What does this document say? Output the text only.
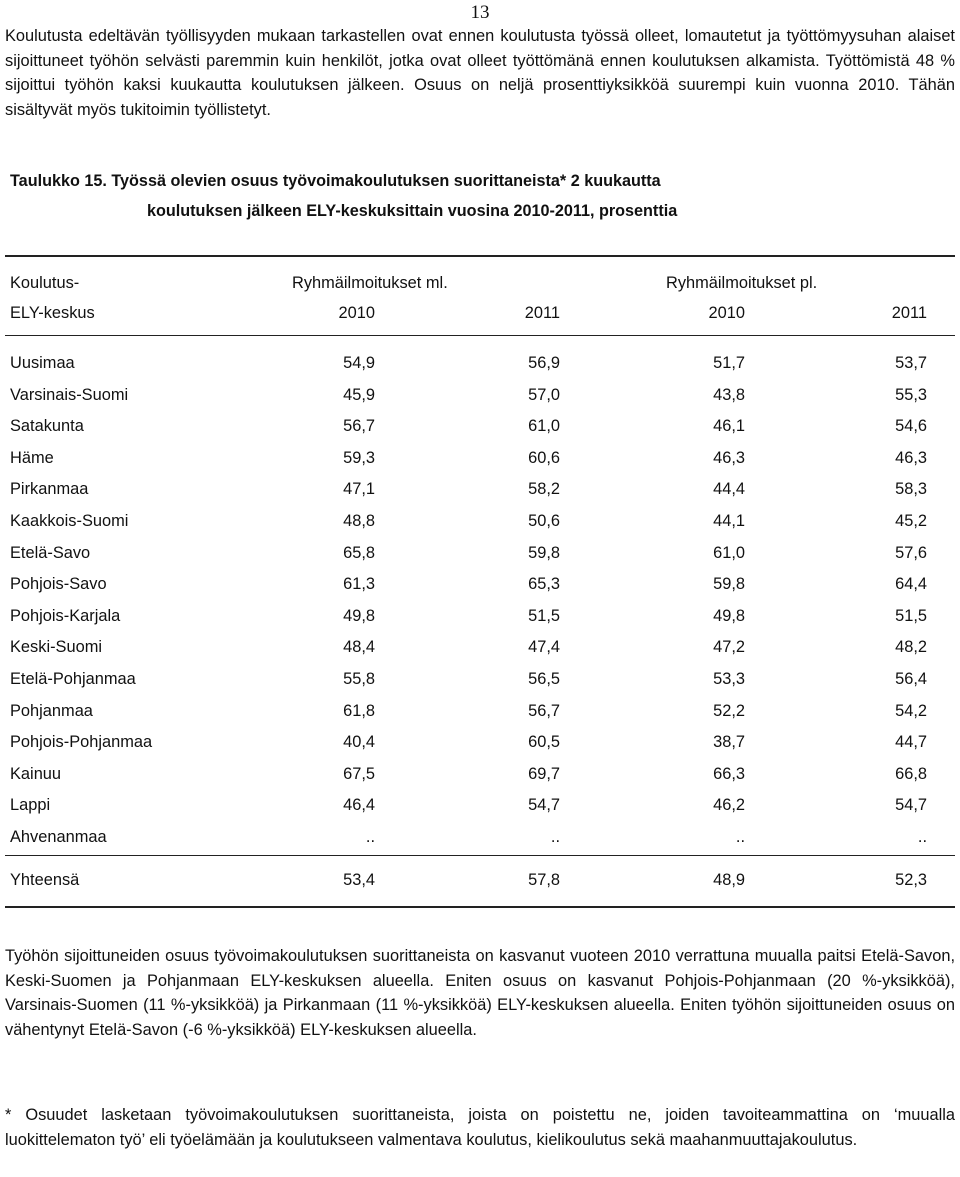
13

Koulutusta edeltävän työllisyyden mukaan tarkastellen ovat ennen koulutusta työssä olleet, lomautetut ja työttömyysuhan alaiset sijoittuneet työhön selvästi paremmin kuin henkilöt, jotka ovat olleet työttömänä ennen koulutuksen alkamista. Työttömistä 48 % sijoittui työhön kaksi kuukautta koulutuksen jälkeen. Osuus on neljä prosenttiyksikköä suurempi kuin vuonna 2010. Tähän sisältyvät myös tukitoimin työllistetyt.

Taulukko 15. Työssä olevien osuus työvoimakoulutuksen suorittaneista* 2 kuukautta
koulutuksen jälkeen ELY-keskuksittain vuosina 2010-2011, prosenttia
Koulutus-	Ryhmäilmoitukset ml.	Ryhmäilmoitukset pl.
ELY-keskus	2010	2011	2010	2011
Uusimaa	54,9	56,9	51,7	53,7
Varsinais-Suomi	45,9	57,0	43,8	55,3
Satakunta	56,7	61,0	46,1	54,6
Häme	59,3	60,6	46,3	46,3
Pirkanmaa	47,1	58,2	44,4	58,3
Kaakkois-Suomi	48,8	50,6	44,1	45,2
Etelä-Savo	65,8	59,8	61,0	57,6
Pohjois-Savo	61,3	65,3	59,8	64,4
Pohjois-Karjala	49,8	51,5	49,8	51,5
Keski-Suomi	48,4	47,4	47,2	48,2
Etelä-Pohjanmaa	55,8	56,5	53,3	56,4
Pohjanmaa	61,8	56,7	52,2	54,2
Pohjois-Pohjanmaa	40,4	60,5	38,7	44,7
Kainuu	67,5	69,7	66,3	66,8
Lappi	46,4	54,7	46,2	54,7
Ahvenanmaa	..	..	..	..
Yhteensä	53,4	57,8	48,9	52,3

Työhön sijoittuneiden osuus työvoimakoulutuksen suorittaneista on kasvanut vuoteen 2010 verrattuna muualla paitsi Etelä-Savon, Keski-Suomen ja Pohjanmaan ELY-keskuksen alueella. Eniten osuus on kasvanut Pohjois-Pohjanmaan (20 %-yksikköä), Varsinais-Suomen (11 %-yksikköä) ja Pirkanmaan (11 %-yksikköä) ELY-keskuksen alueella. Eniten työhön sijoittuneiden osuus on vähentynyt Etelä-Savon (-6 %-yksikköä) ELY-keskuksen alueella.

* Osuudet lasketaan työvoimakoulutuksen suorittaneista, joista on poistettu ne, joiden tavoiteammattina on ‘muualla luokittelematon työ’ eli työelämään ja koulutukseen valmentava koulutus, kielikoulutus sekä maahanmuuttajakoulutus.
